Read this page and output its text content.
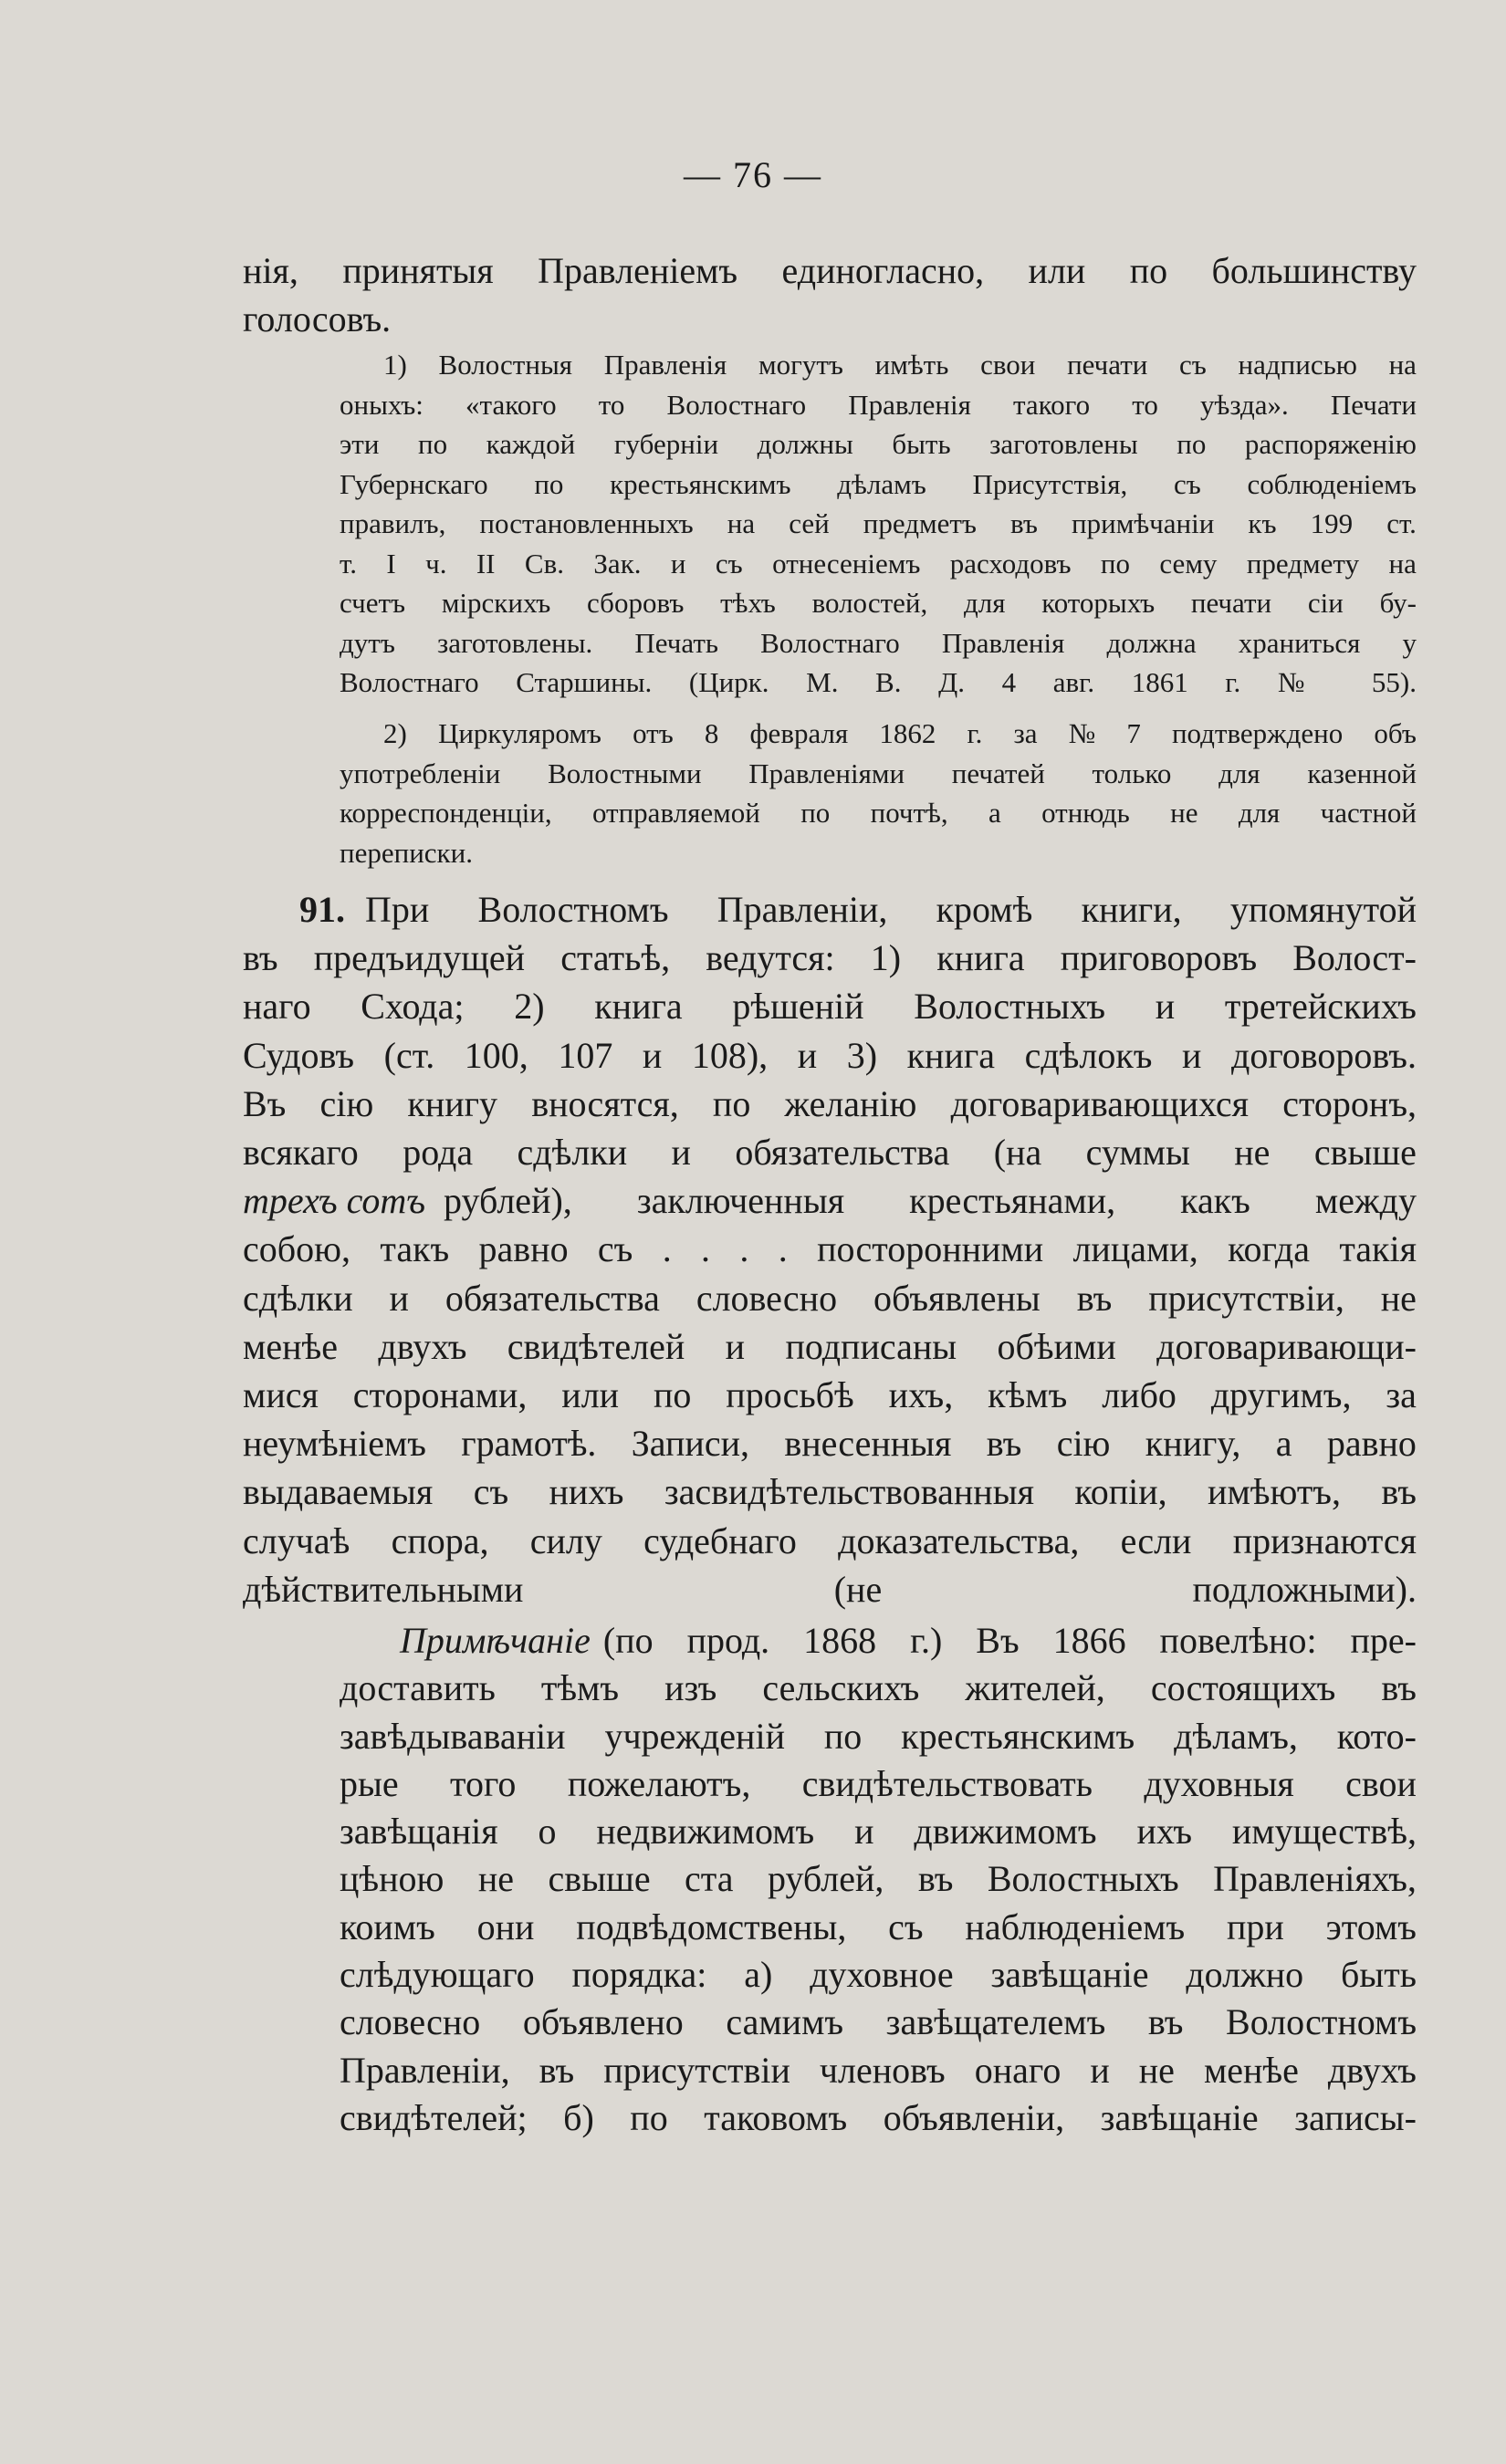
— 76 —
нія, принятыя Правленіемъ единогласно, или по большинству
голосовъ.
1) Волостныя Правленія могутъ имѣть свои печати съ надписью на
оныхъ: «такого то Волостнаго Правленія такого то уѣзда». Печати
эти по каждой губерніи должны быть заготовлены по распоряженію
Губернскаго по крестьянскимъ дѣламъ Присутствія, съ соблюденіемъ
правилъ, постановленныхъ на сей предметъ въ примѣчаніи къ 199 ст.
т. I ч. II Св. Зак. и съ отнесеніемъ расходовъ по сему предмету на
счетъ мірскихъ сборовъ тѣхъ волостей, для которыхъ печати сіи бу-
дутъ заготовлены. Печать Волостнаго Правленія должна храниться у
Волостнаго Старшины. (Цирк. М. В. Д. 4 авг. 1861 г. № 55).
2) Циркуляромъ отъ 8 февраля 1862 г. за № 7 подтверждено объ
употребленіи Волостными Правленіями печатей только для казенной
корреспонденціи, отправляемой по почтѣ, а отнюдь не для частной
переписки.
91. При Волостномъ Правленіи, кромѣ книги, упомянутой
въ предъидущей статьѣ, ведутся: 1) книга приговоровъ Волост-
наго Схода; 2) книга рѣшеній Волостныхъ и третейскихъ
Судовъ (ст. 100, 107 и 108), и 3) книга сдѣлокъ и договоровъ.
Въ сію книгу вносятся, по желанію договаривающихся сторонъ,
всякаго рода сдѣлки и обязательства (на суммы не свыше
трехъ сотъ рублей), заключенныя крестьянами, какъ между
собою, такъ равно съ . . . . посторонними лицами, когда такія
сдѣлки и обязательства словесно объявлены въ присутствіи, не
менѣе двухъ свидѣтелей и подписаны обѣими договаривающи-
мися сторонами, или по просьбѣ ихъ, кѣмъ либо другимъ, за
неумѣніемъ грамотѣ. Записи, внесенныя въ сію книгу, а равно
выдаваемыя съ нихъ засвидѣтельствованныя копіи, имѣютъ, въ
случаѣ спора, силу судебнаго доказательства, если признаются
дѣйствительными (не подложными).
Примѣчаніе (по прод. 1868 г.) Въ 1866 повелѣно: пре-
доставить тѣмъ изъ сельскихъ жителей, состоящихъ въ
завѣдываваніи учрежденій по крестьянскимъ дѣламъ, кото-
рые того пожелаютъ, свидѣтельствовать духовныя свои
завѣщанія о недвижимомъ и движимомъ ихъ имуществѣ,
цѣною не свыше ста рублей, въ Волостныхъ Правленіяхъ,
коимъ они подвѣдомствены, съ наблюденіемъ при этомъ
слѣдующаго порядка: а) духовное завѣщаніе должно быть
словесно объявлено самимъ завѣщателемъ въ Волостномъ
Правленіи, въ присутствіи членовъ онаго и не менѣе двухъ
свидѣтелей; б) по таковомъ объявленіи, завѣщаніе записы-
